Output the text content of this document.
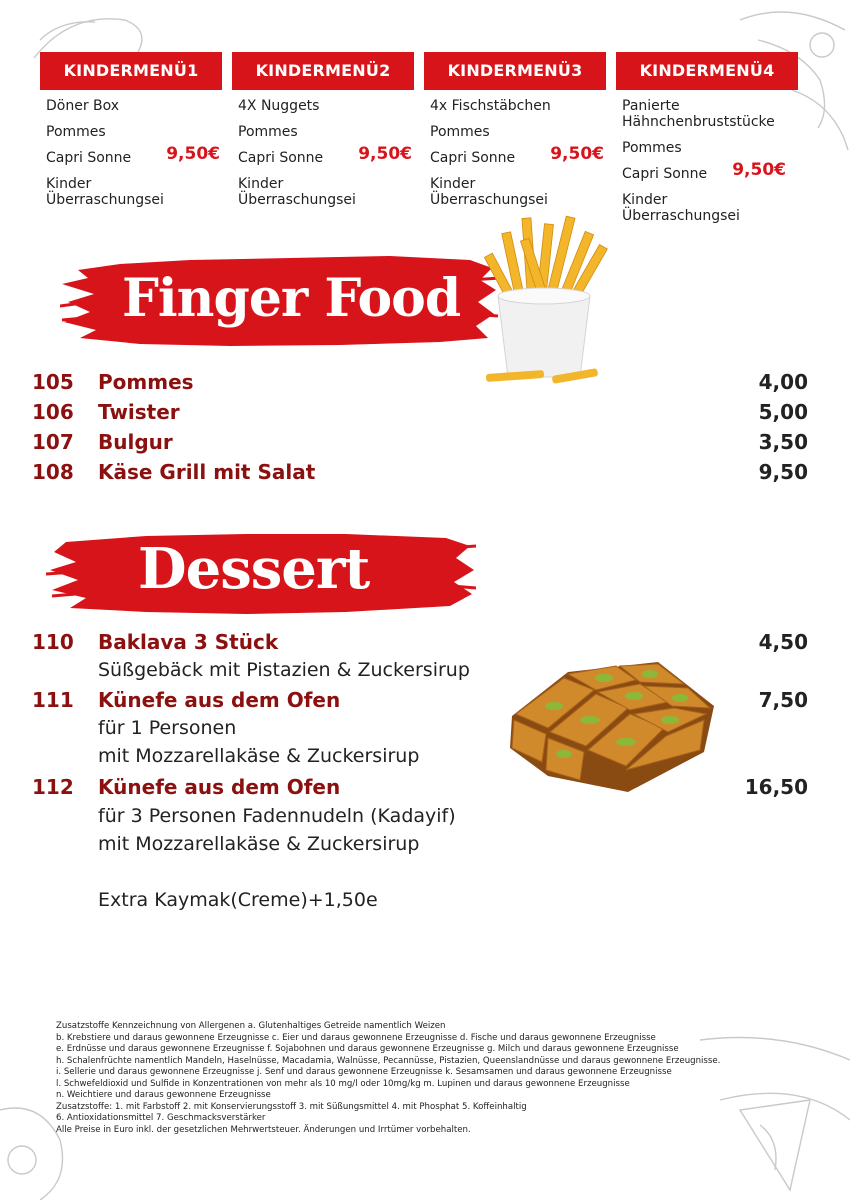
KINDERMENÜ1
Döner Box
Pommes
Capri Sonne
Kinder Überraschungsei
9,50€
KINDERMENÜ2
4X Nuggets
Pommes
Capri Sonne
Kinder Überraschungsei
9,50€
KINDERMENÜ3
4x Fischstäbchen
Pommes
Capri Sonne
Kinder Überraschungsei
9,50€
KINDERMENÜ4
Panierte Hähnchenbruststücke
Pommes
Capri Sonne
Kinder Überraschungsei
9,50€
Finger Food
105 Pommes	4,00
106 Twister	5,00
107 Bulgur	3,50
108 Käse Grill mit Salat	9,50
Dessert
110 Baklava 3 Stück	4,50
Süßgebäck mit Pistazien & Zuckersirup
111 Künefe aus dem Ofen	7,50
für 1 Personen
mit Mozzarellakäse & Zuckersirup
112 Künefe aus dem Ofen	16,50
für 3 Personen Fadennudeln (Kadayif)
mit Mozzarellakäse & Zuckersirup
Extra Kaymak(Creme)+1,50e
Zusatzstoffe Kennzeichnung von Allergenen a. Glutenhaltiges Getreide namentlich Weizen
b. Krebstiere und daraus gewonnene Erzeugnisse c. Eier und daraus gewonnene Erzeugnisse d. Fische und daraus gewonnene Erzeugnisse
e. Erdnüsse und daraus gewonnene Erzeugnisse f. Sojabohnen und daraus gewonnene Erzeugnisse g. Milch und daraus gewonnene Erzeugnisse
h. Schalenfrüchte namentlich Mandeln, Haselnüsse, Macadamia, Walnüsse, Pecannüsse, Pistazien, Queenslandnüsse und daraus gewonnene Erzeugnisse.
i. Sellerie und daraus gewonnene Erzeugnisse j. Senf und daraus gewonnene Erzeugnisse k. Sesamsamen und daraus gewonnene Erzeugnisse
l. Schwefeldioxid und Sulfide in Konzentrationen von mehr als 10 mg/l oder 10mg/kg m. Lupinen und daraus gewonnene Erzeugnisse
n. Weichtiere und daraus gewonnene Erzeugnisse
Zusatzstoffe: 1. mit Farbstoff 2. mit Konservierungsstoff 3. mit Süßungsmittel 4. mit Phosphat 5. Koffeinhaltig
6. Antioxidationsmittel 7. Geschmacksverstärker
Alle Preise in Euro inkl. der gesetzlichen Mehrwertsteuer. Änderungen und Irrtümer vorbehalten.
